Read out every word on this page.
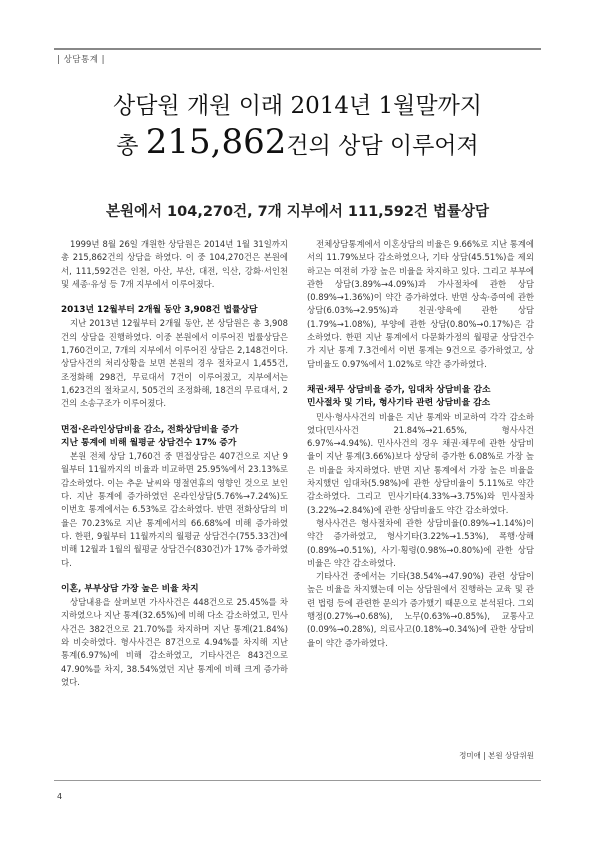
| 상담통계 |
상담원 개원 이래 2014년 1월말까지
총 215,862건의 상담 이루어져
본원에서 104,270건, 7개 지부에서 111,592건 법률상담

1999년 8월 26일 개원한 상담원은 2014년 1월 31일까지 총 215,862건의 상담을 하였다. 이 중 104,270건은 본원에서, 111,592건은 인천, 아산, 부산, 대전, 익산, 강화·서인천 및 세종·유성 등 7개 지부에서 이루어졌다.

2013년 12월부터 2개월 동안 3,908건 법률상담

지난 2013년 12월부터 2개월 동안, 본 상담원은 총 3,908건의 상담을 진행하였다. 이중 본원에서 이루어진 법률상담은 1,760건이고, 7개의 지부에서 이루어진 상담은 2,148건이다. 상담사건의 처리상황을 보면 본원의 경우 절차교시 1,455건, 조정화해 298건, 무료대서 7건이 이루어졌고, 지부에서는 1,623건의 절차교시, 505건의 조정화해, 18건의 무료대서, 2건의 소송구조가 이루어졌다.

면접·온라인상담비율 감소, 전화상담비율 증가
지난 통계에 비해 월평균 상담건수 17% 증가

본원 전체 상담 1,760건 중 면접상담은 407건으로 지난 9월부터 11월까지의 비율과 비교하면 25.95%에서 23.13%로 감소하였다. 이는 추운 날씨와 명절연휴의 영향인 것으로 보인다. 지난 통계에 증가하였던 온라인상담(5.76%→7.24%)도 이번호 통계에서는 6.53%로 감소하였다. 반면 전화상담의 비율은 70.23%로 지난 통계에서의 66.68%에 비해 증가하였다. 한편, 9월부터 11월까지의 월평균 상담건수(755.33건)에 비해 12월과 1월의 월평균 상담건수(830건)가 17% 증가하였다.

이혼, 부부상담 가장 높은 비율 차지

상담내용을 살펴보면 가사사건은 448건으로 25.45%를 차지하였으나 지난 통계(32.65%)에 비해 다소 감소하였고, 민사사건은 382건으로 21.70%를 차지하며 지난 통계(21.84%)와 비슷하였다. 형사사건은 87건으로 4.94%를 차지해 지난 통계(6.97%)에 비해 감소하였고, 기타사건은 843건으로 47.90%를 차지, 38.54%였던 지난 통계에 비해 크게 증가하였다.

전체상담통계에서 이혼상담의 비율은 9.66%로 지난 통계에서의 11.79%보다 감소하였으나, 기타 상담(45.51%)을 제외하고는 여전히 가장 높은 비율을 차지하고 있다. 그리고 부부에 관한 상담(3.89%→4.09%)과 가사절차에 관한 상담(0.89%→1.36%)이 약간 증가하였다. 반면 상속·증여에 관한 상담(6.03%→2.95%)과 친권·양육에 관한 상담(1.79%→1.08%), 부양에 관한 상담(0.80%→0.17%)은 감소하였다. 한편 지난 통계에서 다문화가정의 월평균 상담건수가 지난 통계 7.3건에서 이번 통계는 9건으로 증가하였고, 상담비율도 0.97%에서 1.02%로 약간 증가하였다.

채권·채무 상담비율 증가, 임대차 상담비율 감소
민사절차 및 기타, 형사기타 관련 상담비율 감소

민사·형사사건의 비율은 지난 통계와 비교하여 각각 감소하였다(민사사건 21.84%→21.65%, 형사사건 6.97%→4.94%). 민사사건의 경우 채권·채무에 관한 상담비율이 지난 통계(3.66%)보다 상당히 증가한 6.08%로 가장 높은 비율을 차지하였다. 반면 지난 통계에서 가장 높은 비율을 차지했던 임대차(5.98%)에 관한 상담비율이 5.11%로 약간 감소하였다. 그리고 민사기타(4.33%→3.75%)와 민사절차(3.22%→2.84%)에 관한 상담비율도 약간 감소하였다.

형사사건은 형사절차에 관한 상담비율(0.89%→1.14%)이 약간 증가하였고, 형사기타(3.22%→1.53%), 폭행·상해(0.89%→0.51%), 사기·횡령(0.98%→0.80%)에 관한 상담비율은 약간 감소하였다.

기타사건 중에서는 기타(38.54%→47.90%) 관련 상담이 높은 비율을 차지했는데 이는 상담원에서 진행하는 교육 및 관련 법령 등에 관련한 문의가 증가했기 때문으로 분석된다. 그외 행정(0.27%→0.68%), 노무(0.63%→0.85%), 교통사고(0.09%→0.28%), 의료사고(0.18%→0.34%)에 관한 상담비율이 약간 증가하였다.

정미애 | 본원 상담위원
4
